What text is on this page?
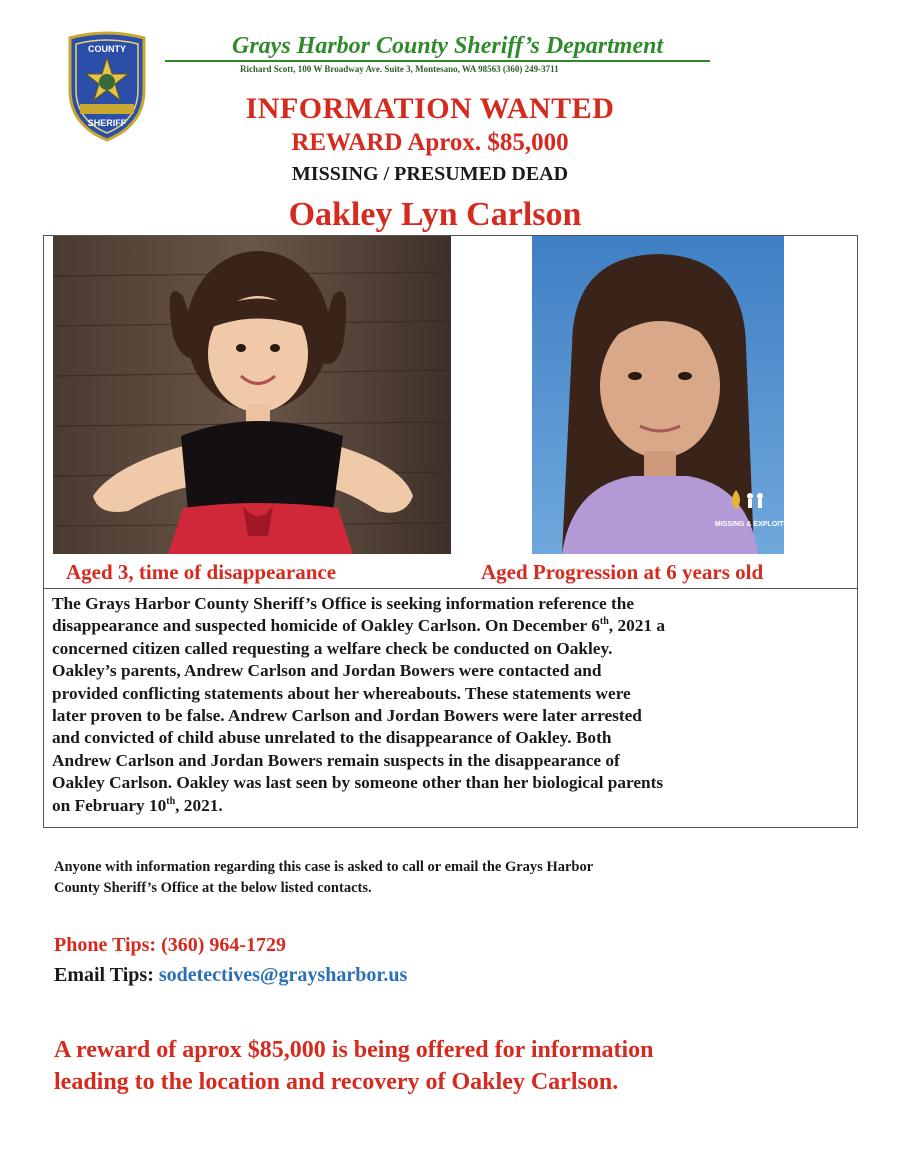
COUNTY
SHERIFF
Grays Harbor County Sheriff’s Department
Richard Scott, 100 W Broadway Ave. Suite 3, Montesano, WA 98563 (360) 249-3711
INFORMATION WANTED
REWARD Aprox. $85,000
MISSING / PRESUMED DEAD
Oakley Lyn Carlson
MISSING & EXPLOITED
Aged 3, time of disappearance	Aged Progression at 6 years old
The Grays Harbor County Sheriff’s Office is seeking information reference the
disappearance and suspected homicide of Oakley Carlson. On December 6th, 2021 a
concerned citizen called requesting a welfare check be conducted on Oakley.
Oakley’s parents, Andrew Carlson and Jordan Bowers were contacted and
provided conflicting statements about her whereabouts. These statements were
later proven to be false. Andrew Carlson and Jordan Bowers were later arrested
and convicted of child abuse unrelated to the disappearance of Oakley. Both
Andrew Carlson and Jordan Bowers remain suspects in the disappearance of
Oakley Carlson. Oakley was last seen by someone other than her biological parents
on February 10th, 2021.
Anyone with information regarding this case is asked to call or email the Grays Harbor
County Sheriff’s Office at the below listed contacts.
Phone Tips: (360) 964-1729
Email Tips: sodetectives@graysharbor.us
A reward of aprox $85,000 is being offered for information
leading to the location and recovery of Oakley Carlson.
